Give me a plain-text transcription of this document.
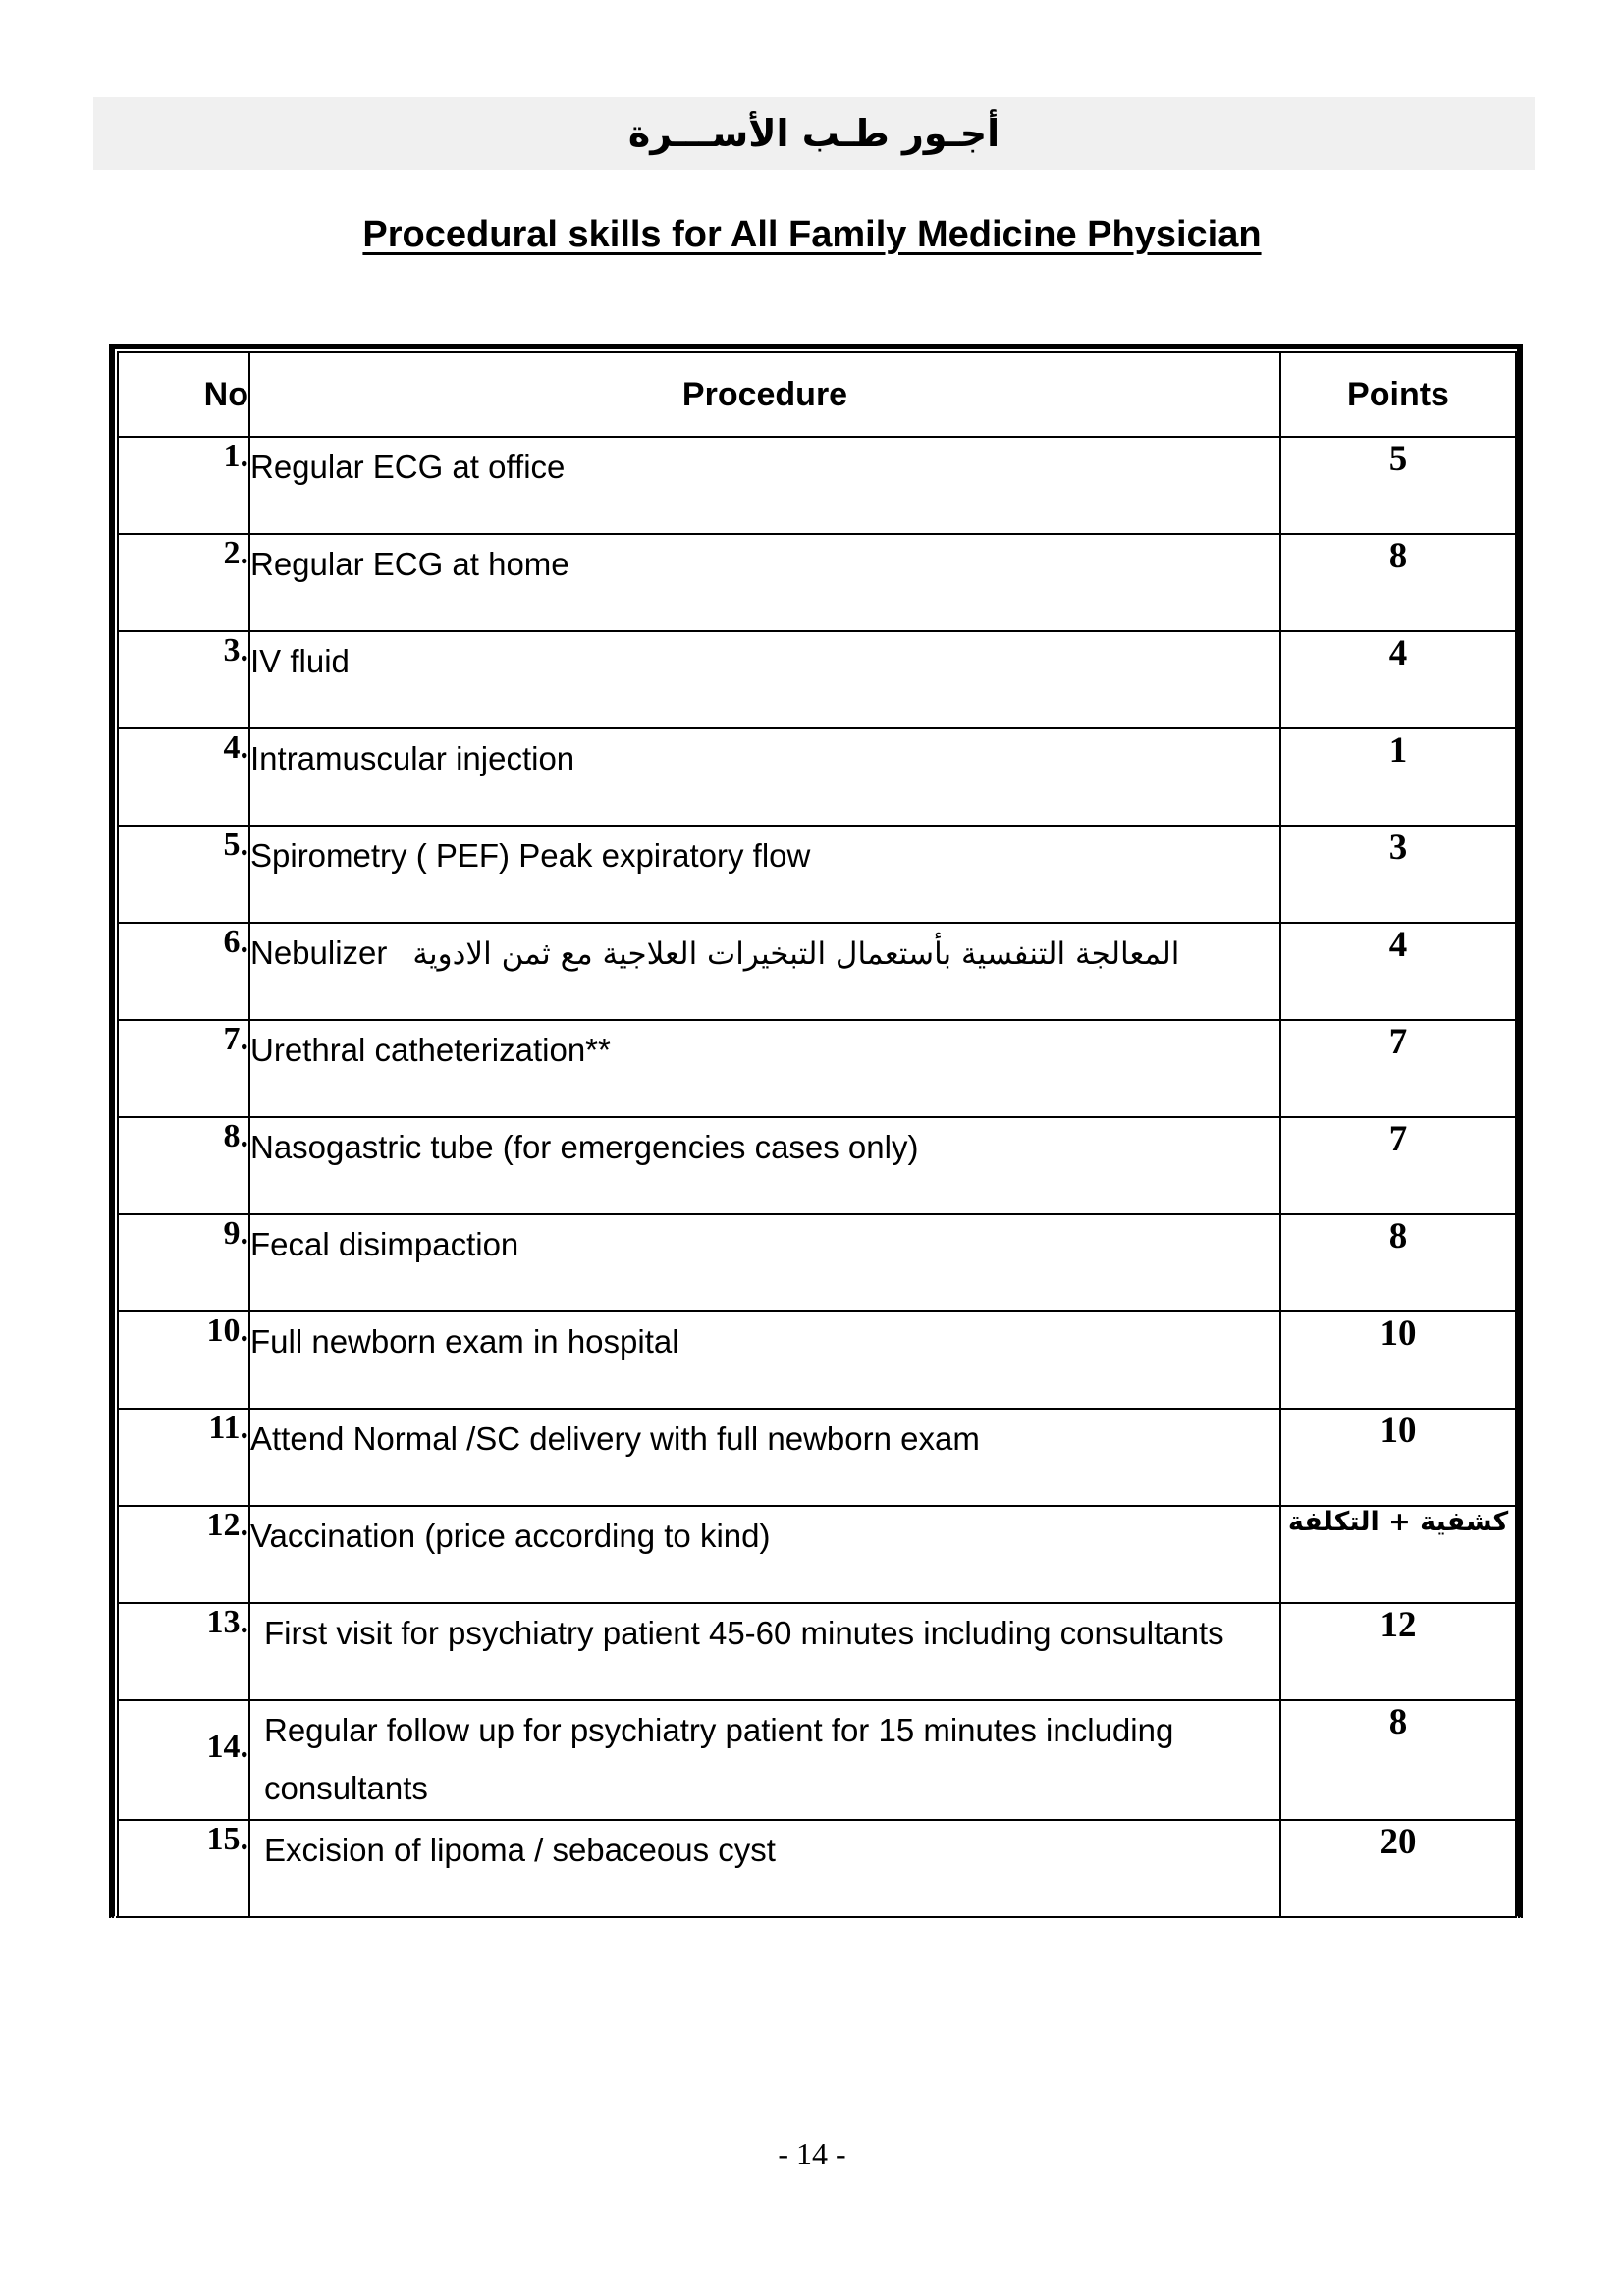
أجـور طـب الأســـرة
Procedural skills for All Family Medicine Physician
No	Procedure	Points
1.	Regular ECG at office	5
2.	Regular ECG at home	8
3.	IV fluid	4
4.	Intramuscular injection	1
5.	Spirometry ( PEF) Peak expiratory flow	3
6.	Nebulizer المعالجة التنفسية بأستعمال التبخيرات العلاجية مع ثمن الادوية	4
7.	Urethral catheterization**	7
8.	Nasogastric tube (for emergencies cases only)	7
9.	Fecal disimpaction	8
10.	Full newborn exam in hospital	10
11.	Attend Normal /SC delivery with full newborn exam	10
12.	Vaccination (price according to kind)	كشفية + التكلفة
13.	First visit for psychiatry patient 45-60 minutes including consultants	12
14.	Regular follow up for psychiatry patient for 15 minutes including consultants	8
15.	Excision of lipoma / sebaceous cyst	20
- 14 -
